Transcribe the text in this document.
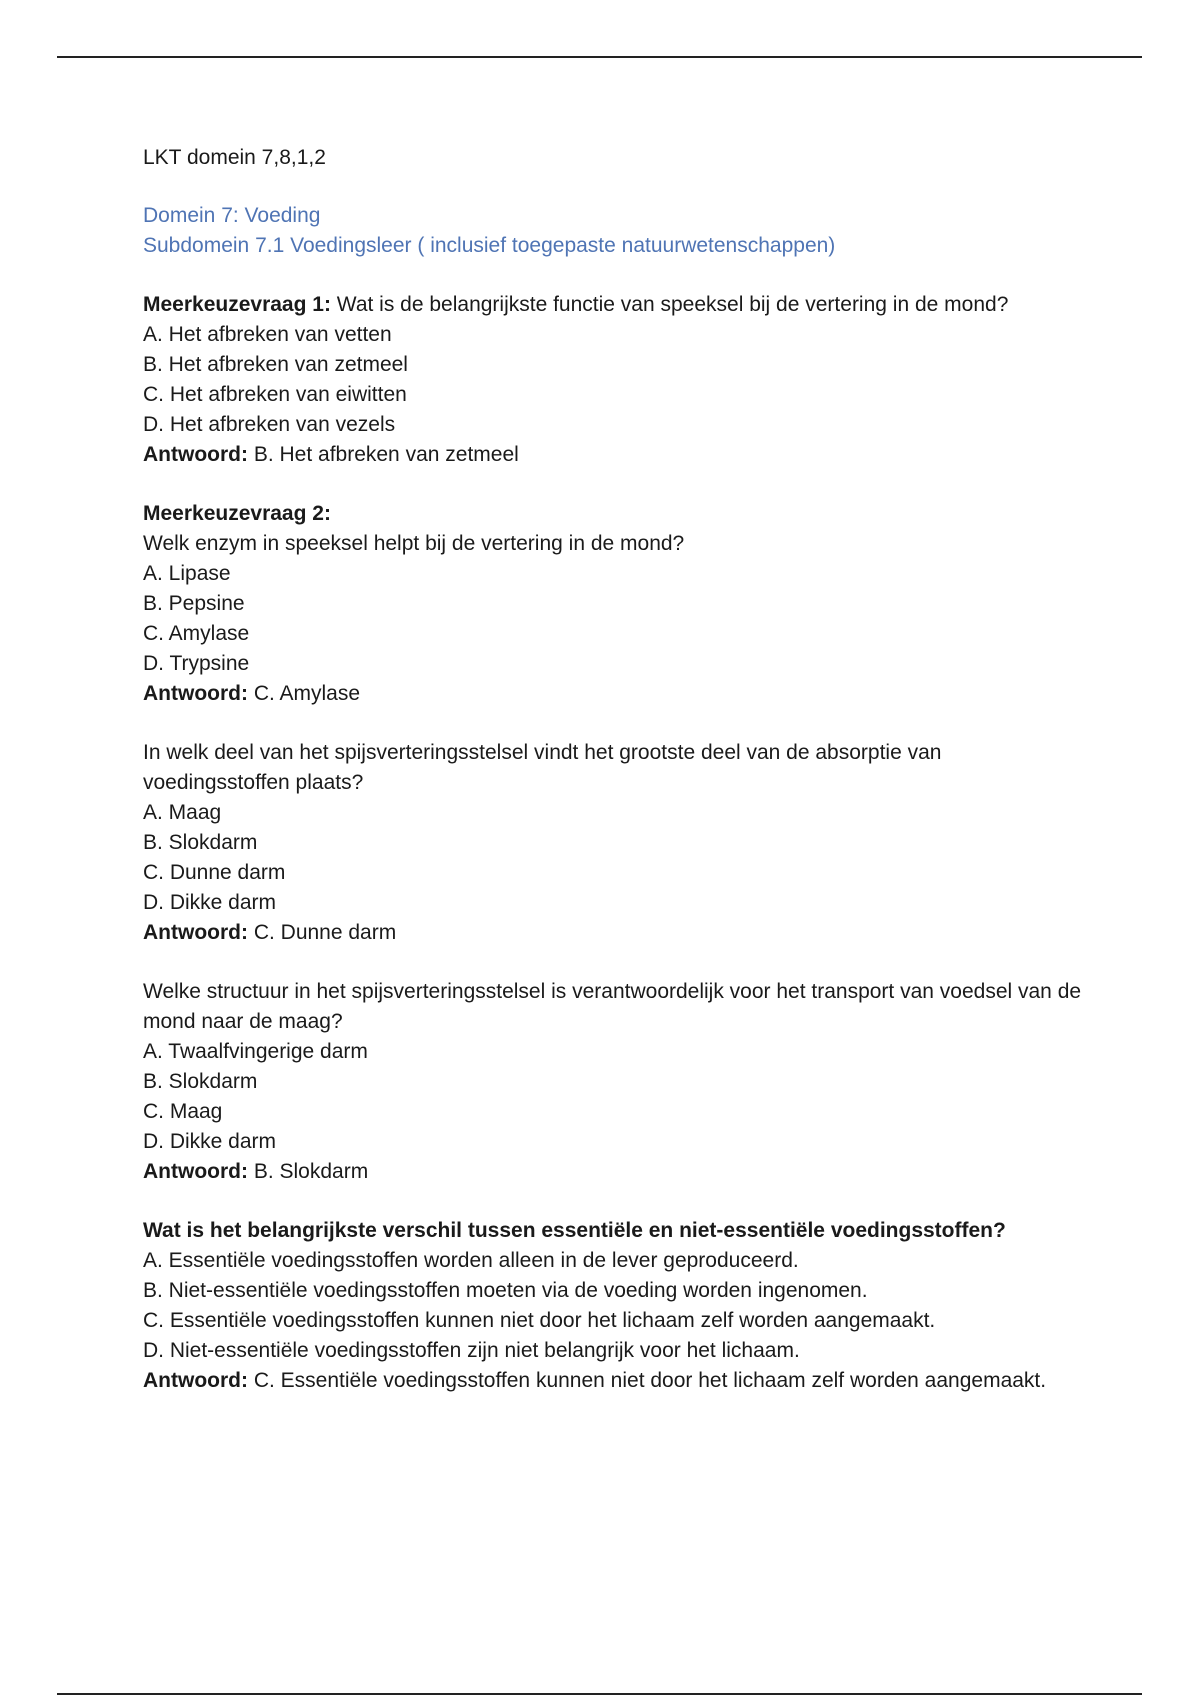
LKT domein 7,8,1,2
Domein 7: Voeding
Subdomein 7.1 Voedingsleer ( inclusief toegepaste natuurwetenschappen)
Meerkeuzevraag 1: Wat is de belangrijkste functie van speeksel bij de vertering in de mond?
A. Het afbreken van vetten
B. Het afbreken van zetmeel
C. Het afbreken van eiwitten
D. Het afbreken van vezels
Antwoord: B. Het afbreken van zetmeel
Meerkeuzevraag 2:
Welk enzym in speeksel helpt bij de vertering in de mond?
A. Lipase
B. Pepsine
C. Amylase
D. Trypsine
Antwoord: C. Amylase
In welk deel van het spijsverteringsstelsel vindt het grootste deel van de absorptie van voedingsstoffen plaats?
A. Maag
B. Slokdarm
C. Dunne darm
D. Dikke darm
Antwoord: C. Dunne darm
Welke structuur in het spijsverteringsstelsel is verantwoordelijk voor het transport van voedsel van de mond naar de maag?
A. Twaalfvingerige darm
B. Slokdarm
C. Maag
D. Dikke darm
Antwoord: B. Slokdarm
Wat is het belangrijkste verschil tussen essentiële en niet-essentiële voedingsstoffen?
A. Essentiële voedingsstoffen worden alleen in de lever geproduceerd.
B. Niet-essentiële voedingsstoffen moeten via de voeding worden ingenomen.
C. Essentiële voedingsstoffen kunnen niet door het lichaam zelf worden aangemaakt.
D. Niet-essentiële voedingsstoffen zijn niet belangrijk voor het lichaam.
Antwoord: C. Essentiële voedingsstoffen kunnen niet door het lichaam zelf worden aangemaakt.
